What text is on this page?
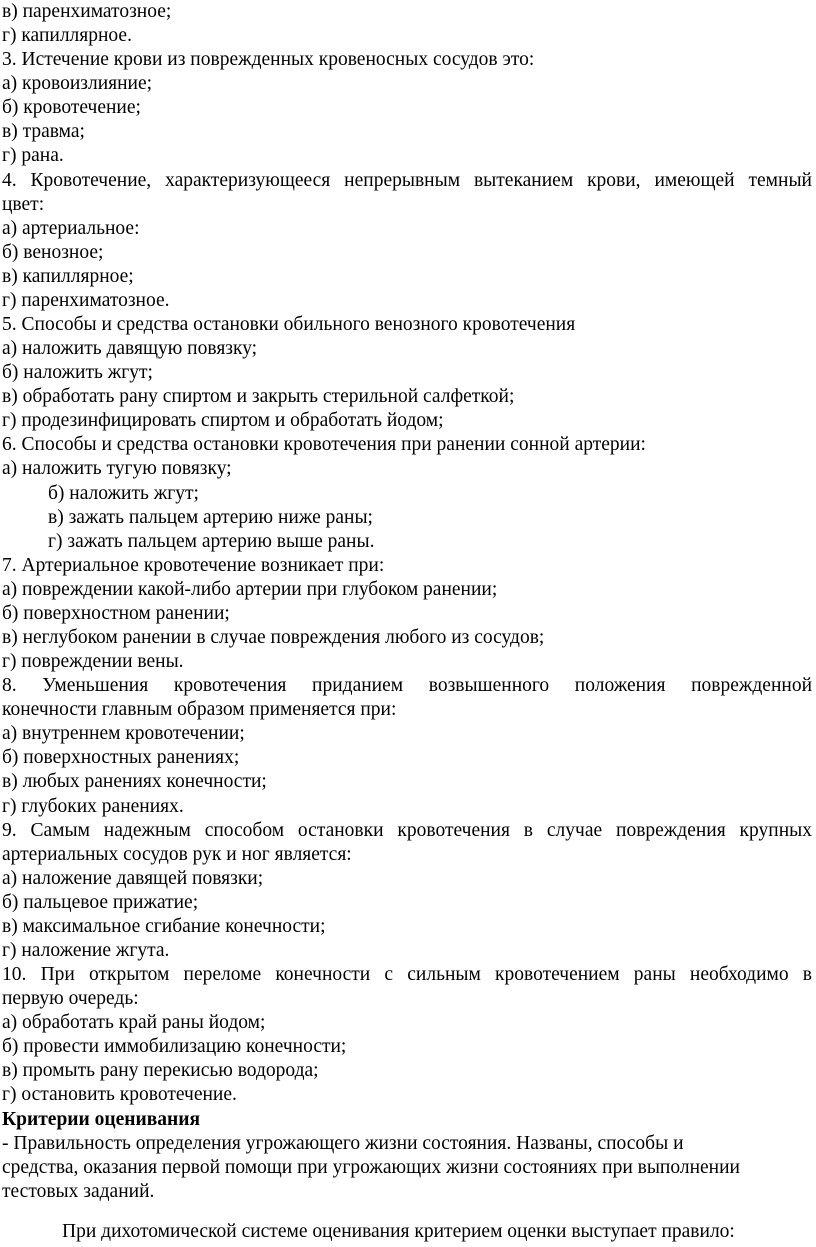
в) паренхиматозное;
г) капиллярное.
3. Истечение крови из поврежденных кровеносных сосудов это:
а) кровоизлияние;
б) кровотечение;
в) травма;
г) рана.
4. Кровотечение, характеризующееся непрерывным вытеканием крови, имеющей темный
цвет:
а) артериальное:
б) венозное;
в) капиллярное;
г) паренхиматозное.
5. Способы и средства остановки обильного венозного кровотечения
а) наложить давящую повязку;
б) наложить жгут;
в) обработать рану спиртом и закрыть стерильной салфеткой;
г) продезинфицировать спиртом и обработать йодом;
6. Способы и средства остановки кровотечения при ранении сонной артерии:
а) наложить тугую повязку;
б) наложить жгут;
в) зажать пальцем артерию ниже раны;
г) зажать пальцем артерию выше раны.
7. Артериальное кровотечение возникает при:
а) повреждении какой-либо артерии при глубоком ранении;
б) поверхностном ранении;
в) неглубоком ранении в случае повреждения любого из сосудов;
г) повреждении вены.
8. Уменьшения кровотечения приданием возвышенного положения поврежденной
конечности главным образом применяется при:
а) внутреннем кровотечении;
б) поверхностных ранениях;
в) любых ранениях конечности;
г) глубоких ранениях.
9. Самым надежным способом остановки кровотечения в случае повреждения крупных
артериальных сосудов рук и ног является:
а) наложение давящей повязки;
б) пальцевое прижатие;
в) максимальное сгибание конечности;
г) наложение жгута.
10. При открытом переломе конечности с сильным кровотечением раны необходимо в
первую очередь:
а) обработать край раны йодом;
б) провести иммобилизацию конечности;
в) промыть рану перекисью водорода;
г) остановить кровотечение.
Критерии оценивания
- Правильность определения угрожающего жизни состояния. Названы, способы и
средства, оказания первой помощи при угрожающих жизни состояниях при выполнении
тестовых заданий.
При дихотомической системе оценивания критерием оценки выступает правило:
